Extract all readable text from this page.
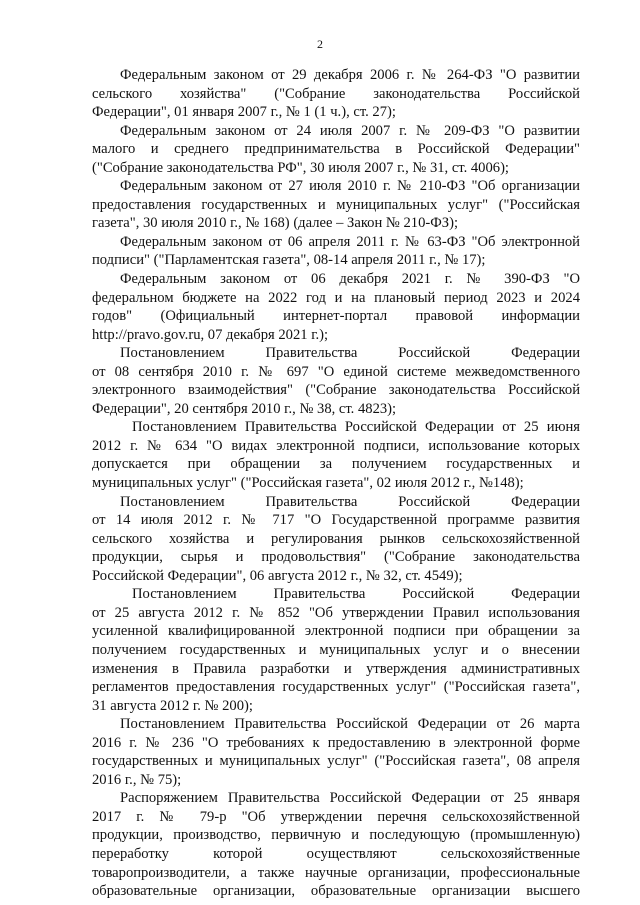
2
Федеральным законом от 29 декабря 2006 г. № 264-ФЗ "О развитии
сельского хозяйства" ("Собрание законодательства Российской
Федерации", 01 января 2007 г., № 1 (1 ч.), ст. 27);
Федеральным законом от 24 июля 2007 г. № 209-ФЗ "О развитии
малого и среднего предпринимательства в Российской Федерации"
("Собрание законодательства РФ", 30 июля 2007 г., № 31, ст. 4006);
Федеральным законом от 27 июля 2010 г. № 210-ФЗ "Об организации
предоставления государственных и муниципальных услуг" ("Российская
газета", 30 июля 2010 г., № 168) (далее – Закон № 210-ФЗ);
Федеральным законом от 06 апреля 2011 г. № 63-ФЗ "Об электронной
подписи" ("Парламентская газета", 08-14 апреля 2011 г., № 17);
Федеральным законом от 06 декабря 2021 г. № 390-ФЗ "О
федеральном бюджете на 2022 год и на плановый период 2023 и 2024
годов" (Официальный интернет-портал правовой информации
http://pravo.gov.ru, 07 декабря 2021 г.);
Постановлением Правительства Российской Федерации
от 08 сентября 2010 г. № 697 "О единой системе межведомственного
электронного взаимодействия" ("Собрание законодательства Российской
Федерации", 20 сентября 2010 г., № 38, ст. 4823);
Постановлением Правительства Российской Федерации от 25 июня
2012 г. № 634 "О видах электронной подписи, использование которых
допускается при обращении за получением государственных и
муниципальных услуг" ("Российская газета", 02 июля 2012 г., №148);
Постановлением Правительства Российской Федерации
от 14 июля 2012 г. № 717 "О Государственной программе развития
сельского хозяйства и регулирования рынков сельскохозяйственной
продукции, сырья и продовольствия" ("Собрание законодательства
Российской Федерации", 06 августа 2012 г., № 32, ст. 4549);
Постановлением Правительства Российской Федерации
от 25 августа 2012 г. № 852 "Об утверждении Правил использования
усиленной квалифицированной электронной подписи при обращении за
получением государственных и муниципальных услуг и о внесении
изменения в Правила разработки и утверждения административных
регламентов предоставления государственных услуг" ("Российская газета",
31 августа 2012 г. № 200);
Постановлением Правительства Российской Федерации от 26 марта
2016 г. № 236 "О требованиях к предоставлению в электронной форме
государственных и муниципальных услуг" ("Российская газета", 08 апреля
2016 г., № 75);
Распоряжением Правительства Российской Федерации от 25 января
2017 г. № 79-р "Об утверждении перечня сельскохозяйственной
продукции, производство, первичную и последующую (промышленную)
переработку которой осуществляют сельскохозяйственные
товаропроизводители, а также научные организации, профессиональные
образовательные организации, образовательные организации высшего
